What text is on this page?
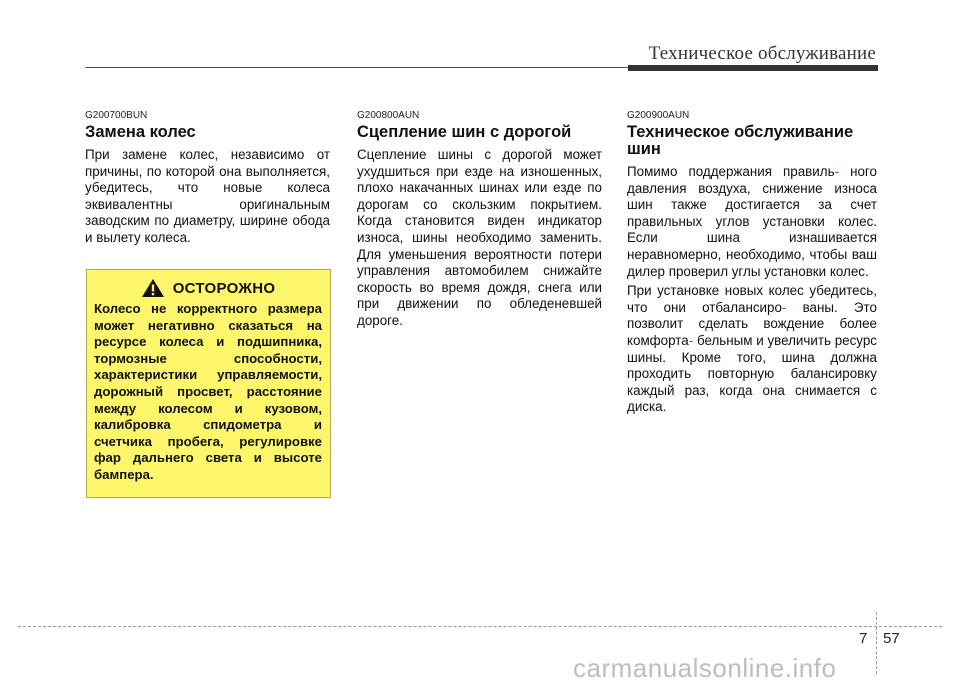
Техническое обслуживание
G200700BUN
Замена колес

При замене колес, независимо от причины, по которой она выполняется, убедитесь, что новые колеса эквивалентны оригинальным заводским по диаметру, ширине обода и вылету колеса.

ОСТОРОЖНО

Колесо не корректного размера может негативно сказаться на ресурсе колеса и подшипника, тормозные способности, характеристики управляемости, дорожный просвет, расстояние между колесом и кузовом, калибровка спидометра и счетчика пробега, регулировке фар дальнего света и высоте бампера.

G200800AUN
Сцепление шин с дорогой

Сцепление шины с дорогой может ухудшиться при езде на изношенных, плохо накачанных шинах или езде по дорогам со скользким покрытием. Когда становится виден индикатор износа, шины необходимо заменить. Для уменьшения вероятности потери управления автомобилем снижайте скорость во время дождя, снега или при движении по обледеневшей дороге.

G200900AUN
Техническое обслуживание шин

Помимо поддержания правиль- ного давления воздуха, снижение износа шин также достигается за счет правильных углов установки колес. Если шина изнашивается неравномерно, необходимо, чтобы ваш дилер проверил углы установки колес.

При установке новых колес убедитесь, что они отбалансиро- ваны. Это позволит сделать вождение более комфорта- бельным и увеличить ресурс шины. Кроме того, шина должна проходить повторную балансировку каждый раз, когда она снимается с диска.

7 57
carmanualsonline.info
